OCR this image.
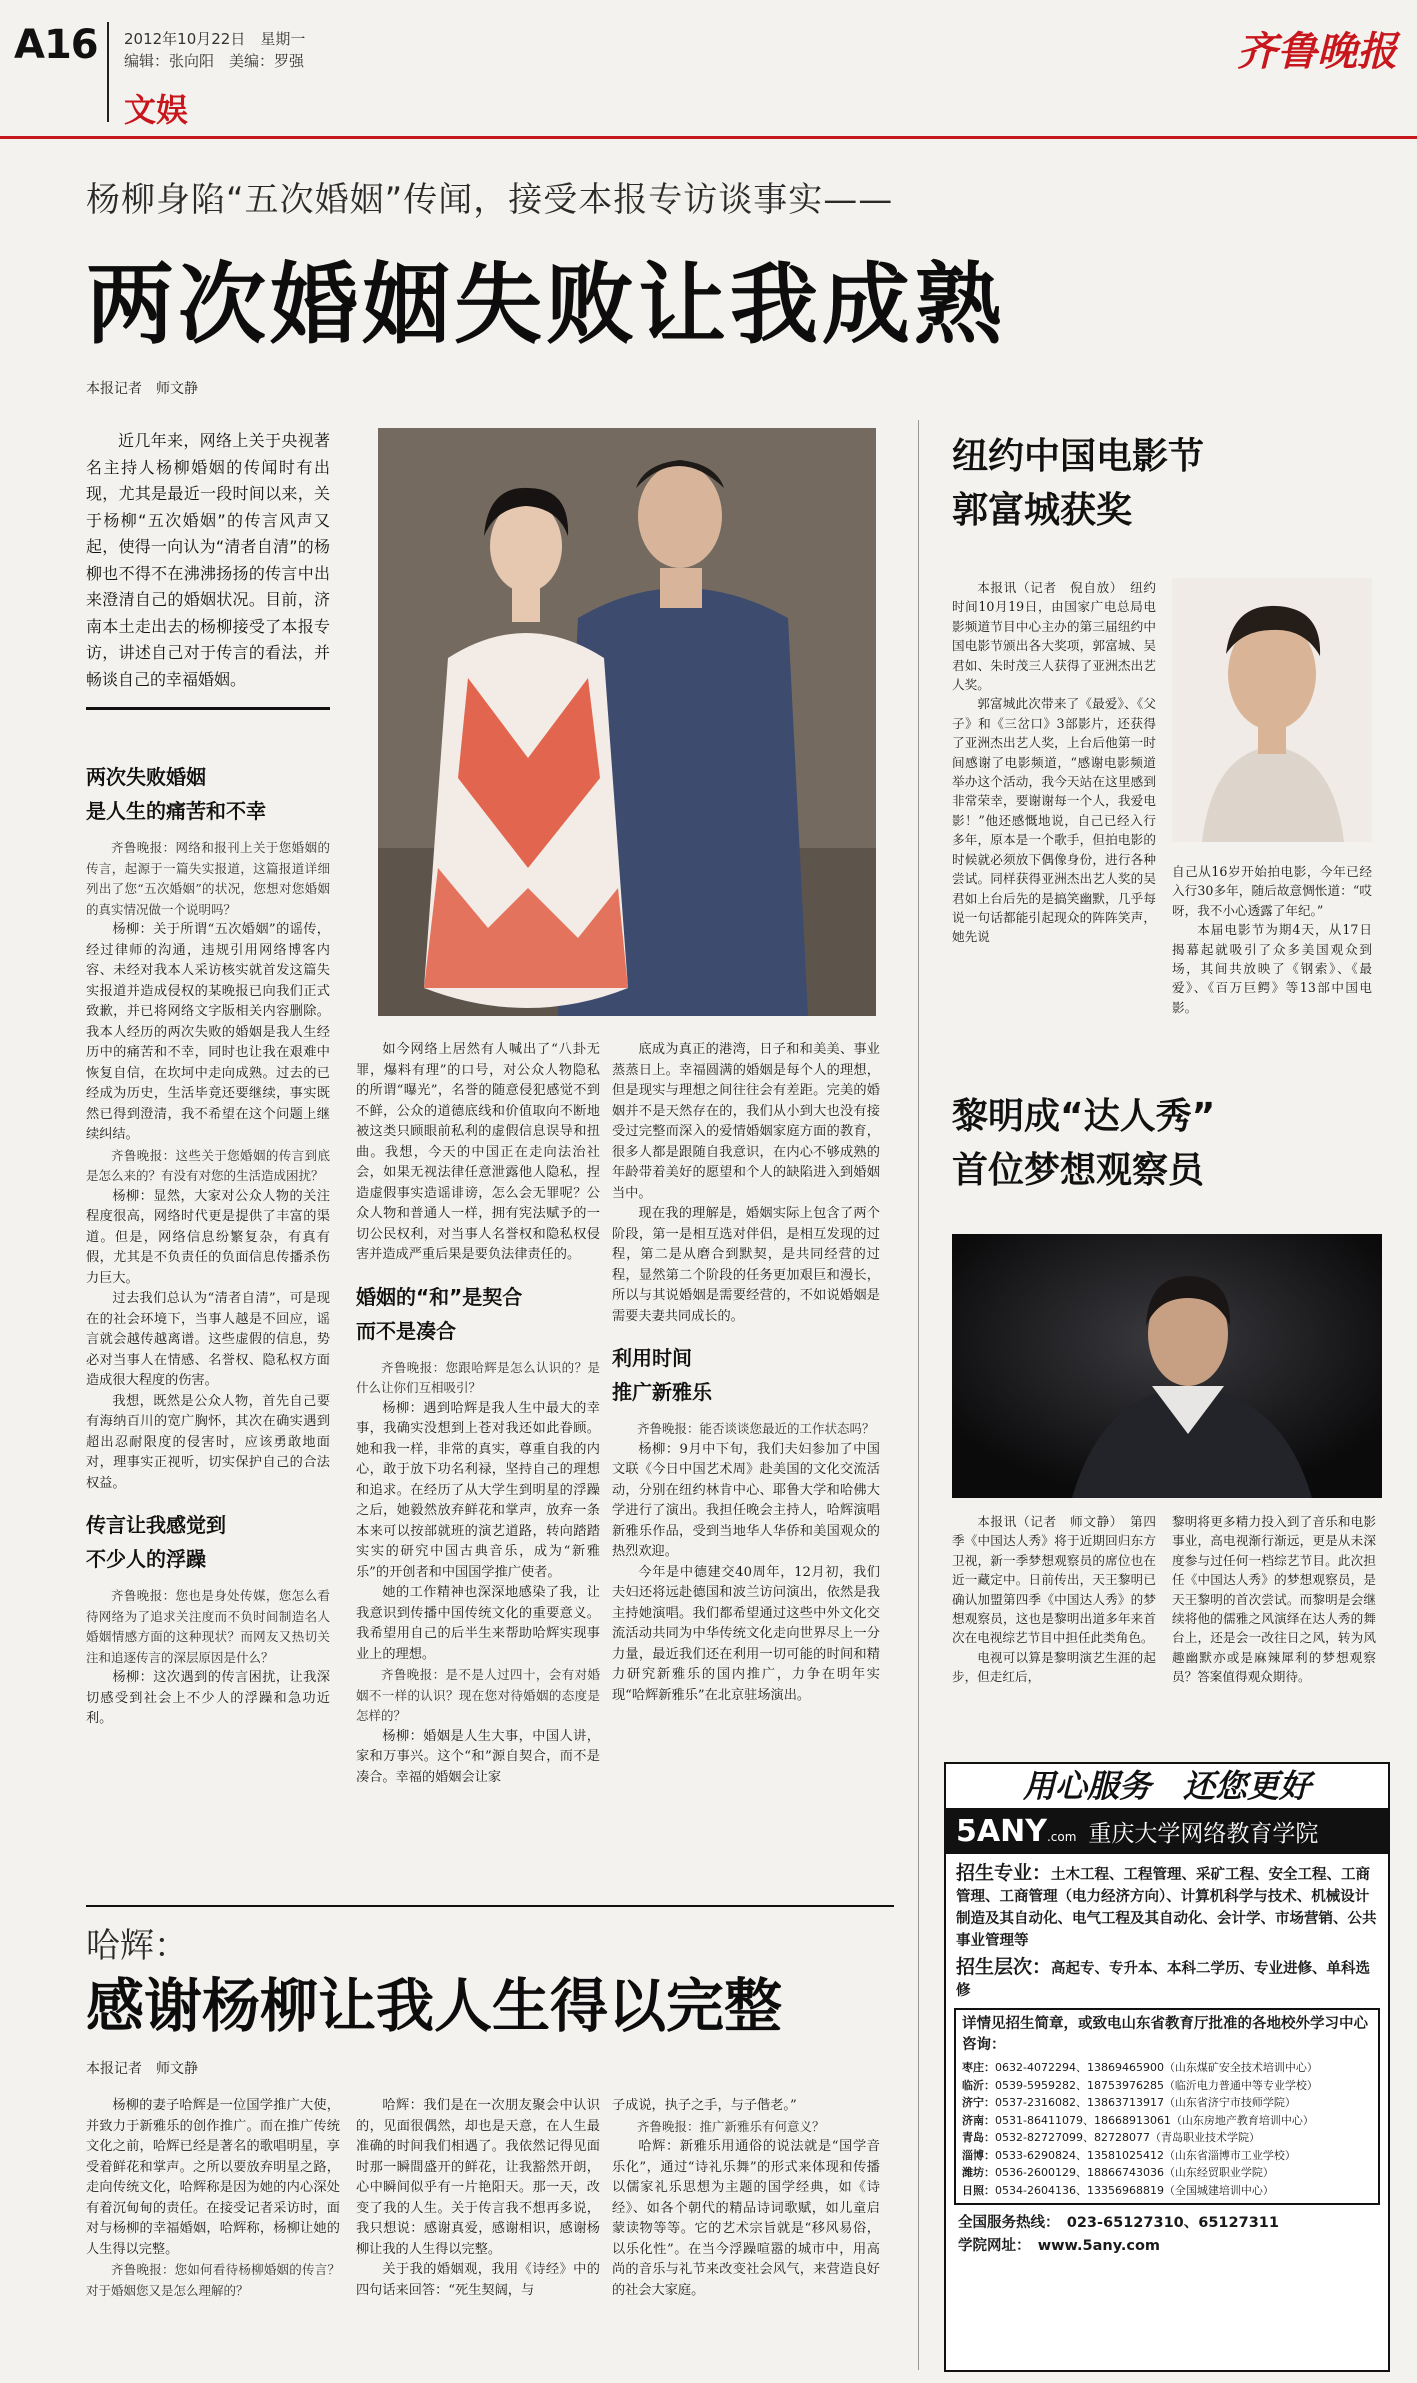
A16 2012年10月22日　星期一
编辑：张向阳　美编：罗强
文娱
齐鲁晚报
杨柳身陷“五次婚姻”传闻，接受本报专访谈事实——
两次婚姻失败让我成熟
本报记者　师文静

近几年来，网络上关于央视著名主持人杨柳婚姻的传闻时有出现，尤其是最近一段时间以来，关于杨柳“五次婚姻”的传言风声又起，使得一向认为“清者自清”的杨柳也不得不在沸沸扬扬的传言中出来澄清自己的婚姻状况。目前，济南本土走出去的杨柳接受了本报专访，讲述自己对于传言的看法，并畅谈自己的幸福婚姻。

两次失败婚姻
是人生的痛苦和不幸

齐鲁晚报：网络和报刊上关于您婚姻的传言，起源于一篇失实报道，这篇报道详细列出了您“五次婚姻”的状况，您想对您婚姻的真实情况做一个说明吗？

杨柳：关于所谓“五次婚姻”的谣传，经过律师的沟通，违规引用网络博客内容、未经对我本人采访核实就首发这篇失实报道并造成侵权的某晚报已向我们正式致歉，并已将网络文字版相关内容删除。我本人经历的两次失败的婚姻是我人生经历中的痛苦和不幸，同时也让我在艰难中恢复自信，在坎坷中走向成熟。过去的已经成为历史，生活毕竟还要继续，事实既然已得到澄清，我不希望在这个问题上继续纠结。

齐鲁晚报：这些关于您婚姻的传言到底是怎么来的？有没有对您的生活造成困扰？

杨柳：显然，大家对公众人物的关注程度很高，网络时代更是提供了丰富的渠道。但是，网络信息纷繁复杂，有真有假，尤其是不负责任的负面信息传播杀伤力巨大。

过去我们总认为“清者自清”，可是现在的社会环境下，当事人越是不回应，谣言就会越传越离谱。这些虚假的信息，势必对当事人在情感、名誉权、隐私权方面造成很大程度的伤害。

我想，既然是公众人物，首先自己要有海纳百川的宽广胸怀，其次在确实遇到超出忍耐限度的侵害时，应该勇敢地面对，理事实正视听，切实保护自己的合法权益。

传言让我感觉到
不少人的浮躁

齐鲁晚报：您也是身处传媒，您怎么看待网络为了追求关注度而不负时间制造名人婚姻情感方面的这种现状？而网友又热切关注和追逐传言的深层原因是什么？

杨柳：这次遇到的传言困扰，让我深切感受到社会上不少人的浮躁和急功近利。

如今网络上居然有人喊出了“八卦无罪，爆料有理”的口号，对公众人物隐私的所谓“曝光”，名誉的随意侵犯感觉不到不鲜，公众的道德底线和价值取向不断地被这类只顾眼前私利的虚假信息误导和扭曲。我想，今天的中国正在走向法治社会，如果无视法律任意泄露他人隐私，捏造虚假事实造谣诽谤，怎么会无罪呢？公众人物和普通人一样，拥有宪法赋予的一切公民权利，对当事人名誉权和隐私权侵害并造成严重后果是要负法律责任的。

婚姻的“和”是契合
而不是凑合

齐鲁晚报：您跟哈辉是怎么认识的？是什么让你们互相吸引？

杨柳：遇到哈辉是我人生中最大的幸事，我确实没想到上苍对我还如此眷顾。她和我一样，非常的真实，尊重自我的内心，敢于放下功名利禄，坚持自己的理想和追求。在经历了从大学生到明星的浮躁之后，她毅然放弃鲜花和掌声，放弃一条本来可以按部就班的演艺道路，转向踏踏实实的研究中国古典音乐，成为“新雅乐”的开创者和中国国学推广使者。

她的工作精神也深深地感染了我，让我意识到传播中国传统文化的重要意义。我希望用自己的后半生来帮助哈辉实现事业上的理想。

齐鲁晚报：是不是人过四十，会有对婚姻不一样的认识？现在您对待婚姻的态度是怎样的？

杨柳：婚姻是人生大事，中国人讲，家和万事兴。这个“和”源自契合，而不是凑合。幸福的婚姻会让家

底成为真正的港湾，日子和和美美、事业蒸蒸日上。幸福圆满的婚姻是每个人的理想，但是现实与理想之间往往会有差距。完美的婚姻并不是天然存在的，我们从小到大也没有接受过完整而深入的爱情婚姻家庭方面的教育，很多人都是跟随自我意识，在内心不够成熟的年龄带着美好的愿望和个人的缺陷进入到婚姻当中。

现在我的理解是，婚姻实际上包含了两个阶段，第一是相互选对伴侣，是相互发现的过程，第二是从磨合到默契，是共同经营的过程，显然第二个阶段的任务更加艰巨和漫长，所以与其说婚姻是需要经营的，不如说婚姻是需要夫妻共同成长的。

利用时间
推广新雅乐

齐鲁晚报：能否谈谈您最近的工作状态吗？

杨柳：9月中下旬，我们夫妇参加了中国文联《今日中国艺术周》赴美国的文化交流活动，分别在纽约林肯中心、耶鲁大学和哈佛大学进行了演出。我担任晚会主持人，哈辉演唱新雅乐作品，受到当地华人华侨和美国观众的热烈欢迎。

今年是中德建交40周年，12月初，我们夫妇还将远赴德国和波兰访问演出，依然是我主持她演唱。我们都希望通过这些中外文化交流活动共同为中华传统文化走向世界尽上一分力量，最近我们还在利用一切可能的时间和精力研究新雅乐的国内推广，力争在明年实现“哈辉新雅乐”在北京驻场演出。

哈辉：
感谢杨柳让我人生得以完整
本报记者　师文静

杨柳的妻子哈辉是一位国学推广大使，并致力于新雅乐的创作推广。而在推广传统文化之前，哈辉已经是著名的歌唱明星，享受着鲜花和掌声。之所以要放弃明星之路，走向传统文化，哈辉称是因为她的内心深处有着沉甸甸的责任。在接受记者采访时，面对与杨柳的幸福婚姻，哈辉称，杨柳让她的人生得以完整。

齐鲁晚报：您如何看待杨柳婚姻的传言？对于婚姻您又是怎么理解的？

哈辉：我们是在一次朋友聚会中认识的，见面很偶然，却也是天意，在人生最准确的时间我们相遇了。我依然记得见面时那一瞬間盛开的鲜花，让我豁然开朗，心中瞬间似乎有一片艳阳天。那一天，改变了我的人生。关于传言我不想再多说，我只想说：感谢真爱，感谢相识，感谢杨柳让我的人生得以完整。

关于我的婚姻观，我用《诗经》中的四句话来回答：“死生契阔，与

子成说，执子之手，与子偕老。”

齐鲁晚报：推广新雅乐有何意义？

哈辉：新雅乐用通俗的说法就是“国学音乐化”，通过“诗礼乐舞”的形式来体现和传播以儒家礼乐思想为主题的国学经典，如《诗经》、如各个朝代的精品诗词歌赋，如儿童启蒙读物等等。它的艺术宗旨就是“移风易俗，以乐化性”。在当今浮躁喧嚣的城市中，用高尚的音乐与礼节来改变社会风气，来营造良好的社会大家庭。

纽约中国电影节
郭富城获奖

本报讯（记者　倪自放）　纽约时间10月19日，由国家广电总局电影频道节目中心主办的第三届纽约中国电影节颁出各大奖项，郭富城、吴君如、朱时茂三人获得了亚洲杰出艺人奖。

郭富城此次带来了《最爱》、《父子》和《三岔口》3部影片，还获得了亚洲杰出艺人奖，上台后他第一时间感谢了电影频道，“感谢电影频道举办这个活动，我今天站在这里感到非常荣幸，要谢谢每一个人，我爱电影！”他还感慨地说，自己已经入行多年，原本是一个歌手，但拍电影的时候就必须放下偶像身份，进行各种尝试。同样获得亚洲杰出艺人奖的吴君如上台后先的是搞笑幽默，几乎每说一句话都能引起现众的阵阵笑声，她先说

自己从16岁开始拍电影，今年已经入行30多年，随后故意惆怅道：“哎呀，我不小心透露了年纪。”

本届电影节为期4天，从17日揭幕起就吸引了众多美国观众到场，其间共放映了《钢索》、《最爱》、《百万巨鳄》等13部中国电影。

黎明成“达人秀”
首位梦想观察员

本报讯（记者　师文静）　第四季《中国达人秀》将于近期回归东方卫视，新一季梦想观察员的席位也在近一藏定中。日前传出，天王黎明已确认加盟第四季《中国达人秀》的梦想观察员，这也是黎明出道多年来首次在电视综艺节目中担任此类角色。

电视可以算是黎明演艺生涯的起步，但走红后，

黎明将更多精力投入到了音乐和电影事业，高电视渐行渐远，更是从未深度参与过任何一档综艺节目。此次担任《中国达人秀》的梦想观察员，是天王黎明的首次尝试。而黎明是会继续将他的儒雅之风演绎在达人秀的舞台上，还是会一改往日之风，转为风趣幽默亦或是麻辣犀利的梦想观察员？答案值得观众期待。

用心服务　还您更好
5ANY .com 重庆大学网络教育学院
招生专业：土木工程、工程管理、采矿工程、安全工程、工商管理、工商管理（电力经济方向）、计算机科学与技术、机械设计制造及其自动化、电气工程及其自动化、会计学、市场营销、公共事业管理等
招生层次：高起专、专升本、本科二学历、专业进修、单科选修
详情见招生简章，或致电山东省教育厅批准的各地校外学习中心咨询：
枣庄：0632-4072294、13869465900（山东煤矿安全技术培训中心）
临沂：0539-5959282、18753976285（临沂电力普通中等专业学校）
济宁：0537-2316082、13863713917（山东省济宁市技师学院）
济南：0531-86411079、18668913061（山东房地产教育培训中心）
青岛：0532-82727099、82728077（青岛职业技术学院）
淄博：0533-6290824、13581025412（山东省淄博市工业学校）
潍坊：0536-2600129、18866743036（山东经贸职业学院）
日照：0534-2604136、13356968819（全国城建培训中心）
全国服务热线：　023-65127310、65127311
学院网址：　www.5any.com
